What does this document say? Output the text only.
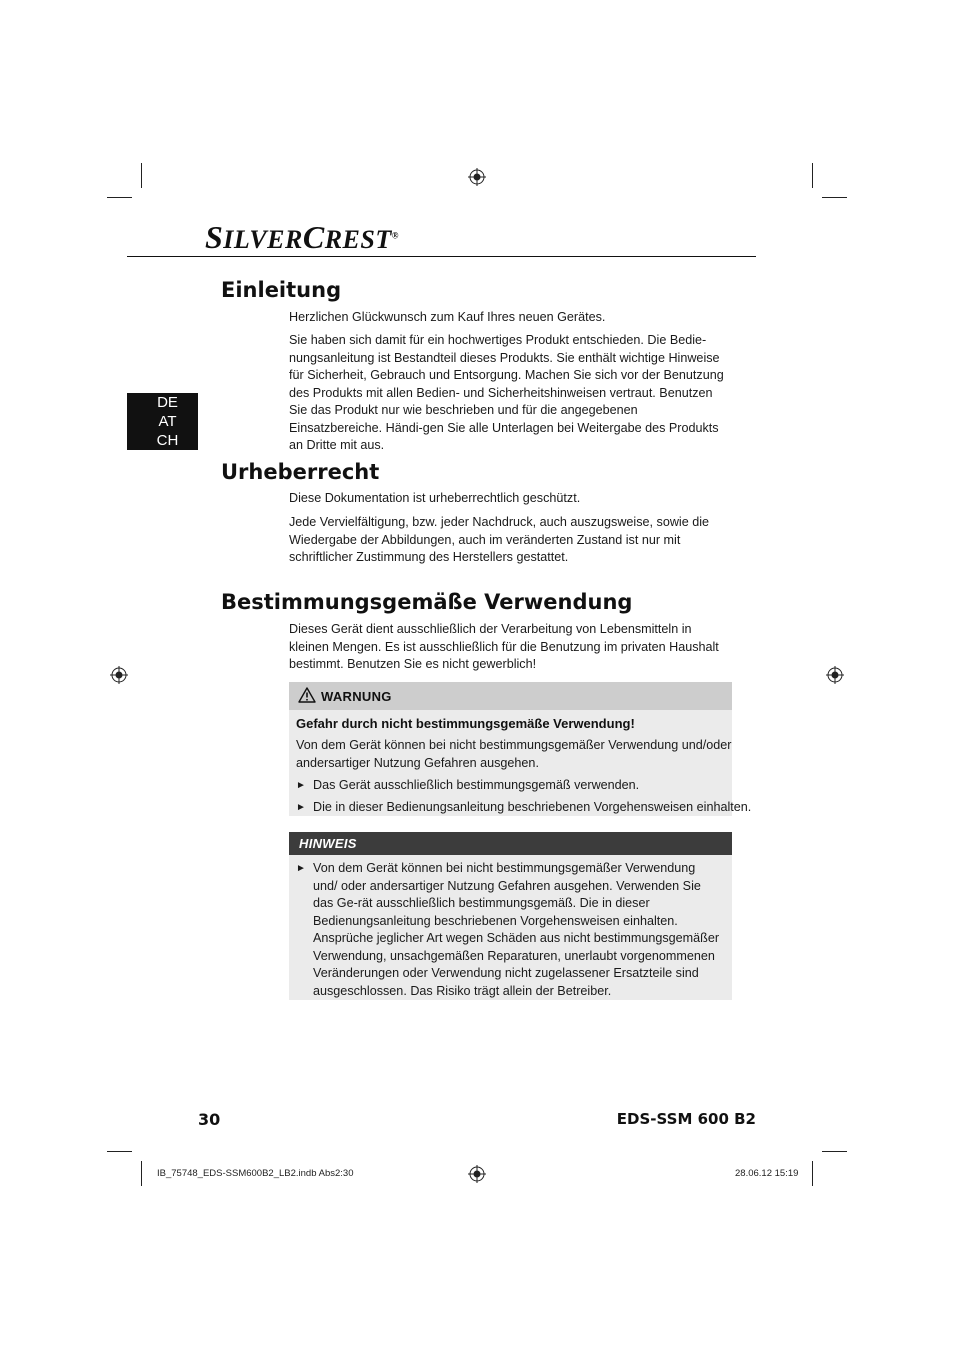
SILVERCREST®
DE
AT
CH
Einleitung

Herzlichen Glückwunsch zum Kauf Ihres neuen Gerätes.

Sie haben sich damit für ein hochwertiges Produkt entschieden. Die Bedie-nungsanleitung ist Bestandteil dieses Produkts. Sie enthält wichtige Hinweise für Sicherheit, Gebrauch und Entsorgung. Machen Sie sich vor der Benutzung des Produkts mit allen Bedien- und Sicherheitshinweisen vertraut. Benutzen Sie das Produkt nur wie beschrieben und für die angegebenen Einsatzbereiche. Händi-gen Sie alle Unterlagen bei Weitergabe des Produkts an Dritte mit aus.

Urheberrecht

Diese Dokumentation ist urheberrechtlich geschützt.

Jede Vervielfältigung, bzw. jeder Nachdruck, auch auszugsweise, sowie die Wiedergabe der Abbildungen, auch im veränderten Zustand ist nur mit schriftlicher Zustimmung des Herstellers gestattet.

Bestimmungsgemäße Verwendung

Dieses Gerät dient ausschließlich der Verarbeitung von Lebensmitteln in kleinen Mengen. Es ist ausschließlich für die Benutzung im privaten Haushalt bestimmt. Benutzen Sie es nicht gewerblich!

WARNUNG

Gefahr durch nicht bestimmungsgemäße Verwendung!

Von dem Gerät können bei nicht bestimmungsgemäßer Verwendung und/oder andersartiger Nutzung Gefahren ausgehen.

► Das Gerät ausschließlich bestimmungsgemäß verwenden.
► Die in dieser Bedienungsanleitung beschriebenen Vorgehensweisen einhalten.
HINWEIS
► Von dem Gerät können bei nicht bestimmungsgemäßer Verwendung und/ oder andersartiger Nutzung Gefahren ausgehen. Verwenden Sie das Ge-rät ausschließlich bestimmungsgemäß. Die in dieser Bedienungsanleitung beschriebenen Vorgehensweisen einhalten. Ansprüche jeglicher Art wegen Schäden aus nicht bestimmungsgemäßer Verwendung, unsachgemäßen Reparaturen, unerlaubt vorgenommenen Veränderungen oder Verwendung nicht zugelassener Ersatzteile sind ausgeschlossen. Das Risiko trägt allein der Betreiber.
30	EDS-SSM 600 B2
IB_75748_EDS-SSM600B2_LB2.indb Abs2:30	28.06.12 15:19
